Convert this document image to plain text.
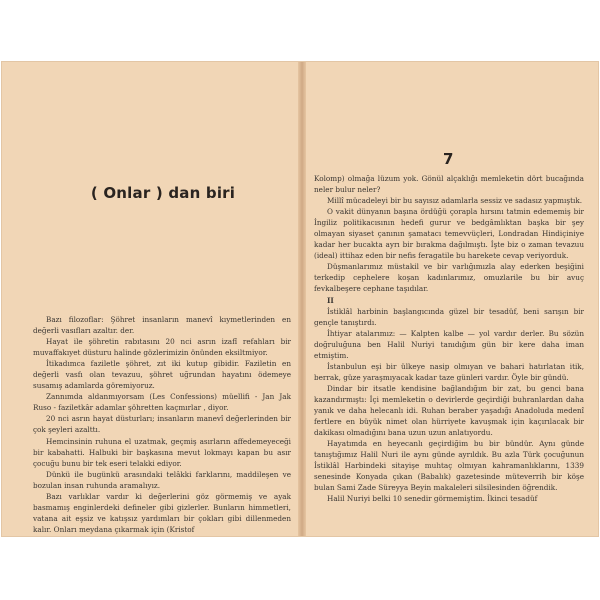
( Onlar ) dan biri

Bazı filozoflar: Şöhret insanların manevî kıymetlerinden en değerli vasıfları azaltır. der.

Hayat ile şöhretin rabıtasını 20 nci asrın izafî refahları bir muvaffakıyet düsturu halinde gözlerimizin önünden eksiltmiyor.

İtikadımca faziletle şöhret, zıt iki kutup gibidir. Faziletin en değerli vasfı olan tevazuu, şöhret uğrundan hayatını ödemeye susamış adamlarda göremiyoruz.

Zannımda aldanmıyorsam (Les Confessions) müellifi - Jan Jak Ruso - faziletkâr adamlar şöhretten kaçmırlar , diyor.

20 nci asrın hayat düsturları; insanların manevî değerlerinden bir çok şeyleri azalttı.

Hemcinsinin ruhuna el uzatmak, geçmiş asırların affedemeyeceği bir kabahatti. Halbuki bir başkasına mevut lokmayı kapan bu asır çocuğu bunu bir tek eseri telakki ediyor.

Dünkü ile bugünkü arasındaki telâkki farklarını, maddileşen ve bozulan insan ruhunda aramalıyız.

Bazı varlıklar vardır ki değerlerini göz görmemiş ve ayak basmamış enginlerdeki defineler gibi gizlerler. Bunların himmetleri, vatana ait eşsiz ve katışsız yardımları bir çokları gibi dillenmeden kalır. Onları meydana çıkarmak için (Kristof

7

Kolomp) olmağa lüzum yok. Gönül alçaklığı memleketin dört bucağında neler bulur neler?

Millî mücadeleyi bir bu sayısız adamlarla sessiz ve sadasız yapmıştık.

O vakit dünyanın başına ördüğü çorapla hırsını tatmin edememiş bir İngiliz politikacısının hedefi gurur ve bedgâmlıktan başka bir şey olmayan siyaset çanının şamatacı temevvüçleri, Londradan Hindiçiniye kadar her bucakta ayrı bir bırakma dağılmıştı. İşte biz o zaman tevazuu (ideal) ittihaz eden bir nefis feragatile bu harekete cevap veriyorduk.

Düşmanlarımız müstakil ve bir varlığımızla alay ederken beşiğini terkedip cephelere koşan kadınlarımız, omuzlarile bu bir avuç fevkalbeşere cephane taşıdılar.

II

İstiklâl harbinin başlangıcında güzel bir tesadüf, beni sarışın bir gençle tanıştırdı.

İhtiyar atalarımız: — Kalpten kalbe — yol vardır derler. Bu sözün doğruluğuna ben Halil Nuriyi tanıdığım gün bir kere daha iman etmiştim.

İstanbulun eşi bir ülkeye nasip olmıyan ve bahari hatırlatan itik, berrak, güze yaraşmıyacak kadar taze günleri vardır. Öyle bir gündü.

Dindar bir itsatle kendisine bağlandığım bir zat, bu genci bana kazandırmıştı: İçi memleketin o devirlerde geçirdiği buhranlardan daha yanık ve daha helecanlı idi. Ruhan beraber yaşadığı Anadoluda medenî fertlere en büyük nimet olan hürriyete kavuşmak için kaçırılacak bir dakikası olmadığını bana uzun uzun anlatıyordu.

Hayatımda en heyecanlı geçirdiğim bu bir bündür. Aynı günde tanıştığımız Halil Nuri ile aynı günde ayrıldık. Bu azla Türk çocuğunun İstiklâl Harbindeki sitayişe muhtaç olmıyan kahramanlıklarını, 1339 senesinde Konyada çıkan (Babalık) gazetesinde müteverrih bir köşe bulan Sami Zade Süreyya Beyin makaleleri silsilesinden öğrendik.

Halil Nuriyi belki 10 senedir görmemiştim. İkinci tesadüf
